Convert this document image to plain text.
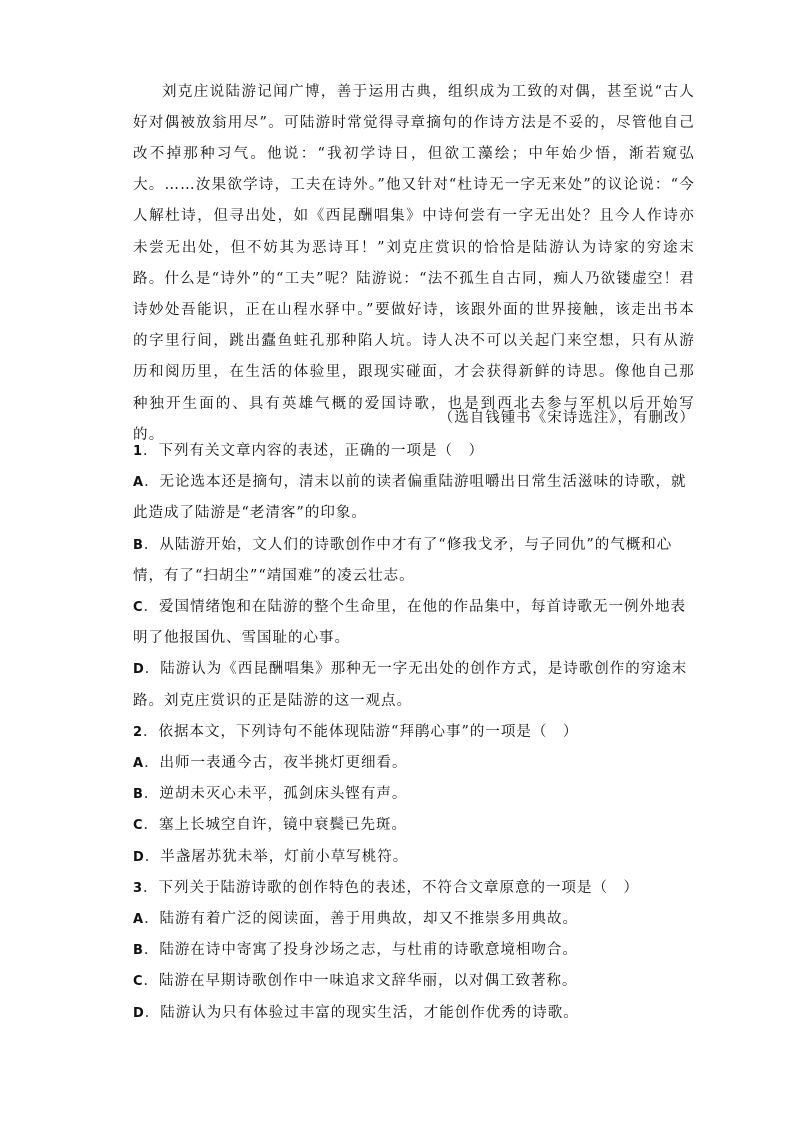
刘克庄说陆游记闻广博，善于运用古典，组织成为工致的对偶，甚至说“古人好对偶被放翁用尽”。可陆游时常觉得寻章摘句的作诗方法是不妥的，尽管他自己改不掉那种习气。他说：“我初学诗日，但欲工藻绘；中年始少悟，渐若窥弘大。……汝果欲学诗，工夫在诗外。”他又针对“杜诗无一字无来处”的议论说：“今人解杜诗，但寻出处，如《西昆酬唱集》中诗何尝有一字无出处？且今人作诗亦未尝无出处，但不妨其为恶诗耳！”刘克庄赏识的恰恰是陆游认为诗家的穷途末路。什么是“诗外”的“工夫”呢？陆游说：“法不孤生自古同，痴人乃欲镂虚空！君诗妙处吾能识，正在山程水驿中。”要做好诗，该跟外面的世界接触，该走出书本的字里行间，跳出蠹鱼蛀孔那种陷人坑。诗人决不可以关起门来空想，只有从游历和阅历里，在生活的体验里，跟现实碰面，才会获得新鲜的诗思。像他自己那种独开生面的、具有英雄气概的爱国诗歌，也是到西北去参与军机以后开始写的。

（选自钱锺书《宋诗选注》，有删改）

1．下列有关文章内容的表述，正确的一项是（　）

A．无论选本还是摘句，清末以前的读者偏重陆游咀嚼出日常生活滋味的诗歌，就此造成了陆游是“老清客”的印象。

B．从陆游开始，文人们的诗歌创作中才有了“修我戈矛，与子同仇”的气概和心情，有了“扫胡尘”“靖国难”的凌云壮志。

C．爱国情绪饱和在陆游的整个生命里，在他的作品集中，每首诗歌无一例外地表明了他报国仇、雪国耻的心事。

D．陆游认为《西昆酬唱集》那种无一字无出处的创作方式，是诗歌创作的穷途末路。刘克庄赏识的正是陆游的这一观点。

2．依据本文，下列诗句不能体现陆游“拜鹃心事”的一项是（　）

A．出师一表通今古，夜半挑灯更细看。

B．逆胡未灭心未平，孤剑床头铿有声。

C．塞上长城空自许，镜中衰鬓已先斑。

D．半盏屠苏犹未举，灯前小草写桃符。

3．下列关于陆游诗歌的创作特色的表述，不符合文章原意的一项是（　）

A．陆游有着广泛的阅读面，善于用典故，却又不推崇多用典故。

B．陆游在诗中寄寓了投身沙场之志，与杜甫的诗歌意境相吻合。

C．陆游在早期诗歌创作中一味追求文辞华丽，以对偶工致著称。

D．陆游认为只有体验过丰富的现实生活，才能创作优秀的诗歌。
